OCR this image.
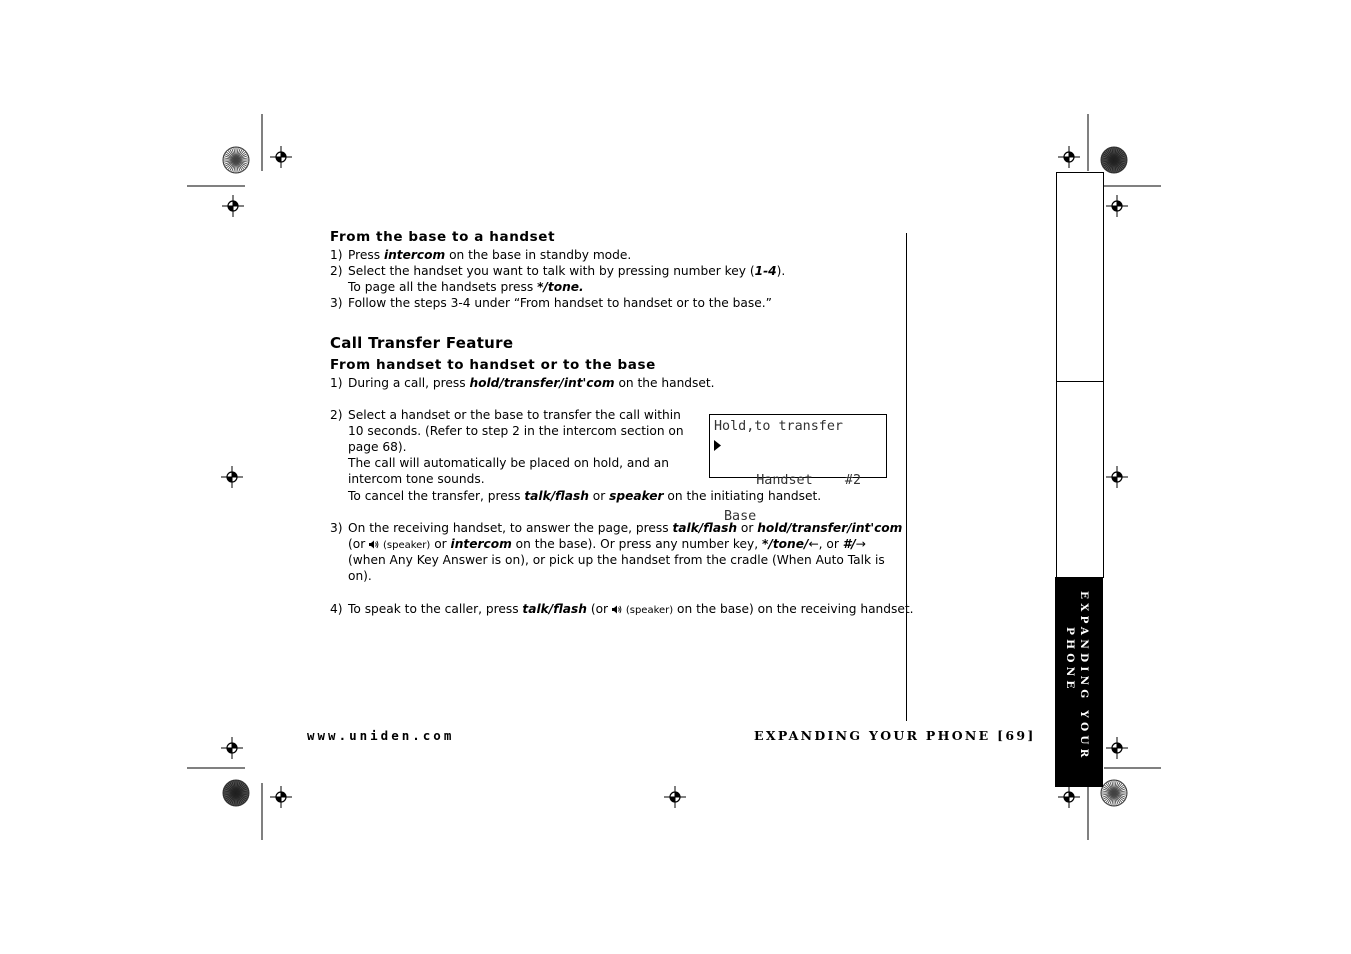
EXPANDING YOUR
PHONE
From the base to a handset
1) Press intercom on the base in standby mode.
2) Select the handset you want to talk with by pressing number key (1-4).
To page all the handsets press */tone.
3) Follow the steps 3-4 under “From handset to handset or to the base.”
Call Transfer Feature
From handset to handset or to the base
1) During a call, press hold/transfer/int'com on the handset.
2) Select a handset or the base to transfer the call within
10 seconds. (Refer to step 2 in the intercom section on
page 68).
The call will automatically be placed on hold, and an
intercom tone sounds.
To cancel the transfer, press talk/flash or speaker on the initiating handset.
Hold,to transfer

Handset    #2

Base
3) On the receiving handset, to answer the page, press talk/flash or hold/transfer/int'com
(or  (speaker) or intercom on the base). Or press any number key, */tone/←, or #/→
(when Any Key Answer is on), or pick up the handset from the cradle (When Auto Talk is
on).
4) To speak to the caller, press talk/flash (or  (speaker) on the base) on the receiving handset.
www.uniden.com	EXPANDING YOUR PHONE [69]
